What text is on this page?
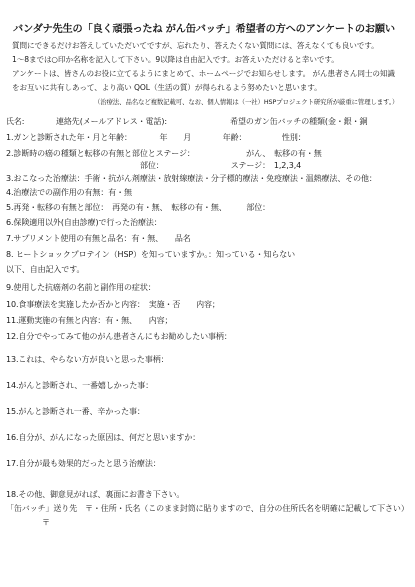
バンダナ先生の「良く頑張ったね がん缶バッチ」希望者の方へのアンケートのお願い
質問にできるだけお答えしていただいてですが、忘れたり、答えたくない質問には、答えなくても良いです。
1～8までは○印か名称を記入して下さい。9以降は自由記入です。お答えいただけると幸いです。
アンケートは、皆さんのお役に立てるようにまとめて、ホームページでお知らせします。 がん患者さん同士の知識
をお互いに共有しあって、より高い QOL（生活の質）が得られるよう努めたいと思います。
（治療法、品名など複数記載可、なお、個人情報は（一社）HSPプロジェクト研究所が厳重に管理します。）
氏名:　　　　連絡先(メールアドレス・電話):　　　　　　　　希望のガン缶バッチの種類(金・銀・銅
1.ガンと診断された年・月と年齢：　　　　年　　月　　　　年齢：　　　　　性別：
2.診断時の癌の種類と転移の有無と部位とステージ：　　　　　　　がん、　転移の有・無
部位：　　　　　　　　　ステージ：　1,2,3,4
3.おこなった治療法：手術・抗がん剤療法・放射線療法・分子標的療法・免疫療法・温熱療法、その他：
4.治療法での副作用の有無：有・無
5.再発・転移の有無と部位：　再発の有・無、　転移の有・無、　　　部位：
6.保険適用以外(自由診療)で行った治療法：
7.サプリメント使用の有無と品名：有・無、　　品名
8. ヒートショックプロテイン（HSP）を知っていますか。：知っている・知らない
以下、自由記入です。
9.使用した抗癌剤の名前と副作用の症状：
10.食事療法を実施したか否かと内容：　実施・否　　内容；
11.運動実施の有無と内容：有・無、　　内容；
12.自分でやってみて他のがん患者さんにもお勧めしたい事柄：
13.これは、やらない方が良いと思った事柄：
14.がんと診断され、一番嬉しかった事：
15.がんと診断され一番、辛かった事：
16.自分が、がんになった原因は、何だと思いますか：
17.自分が最も効果的だったと思う治療法：
18.その他、御意見がれば、裏面にお書き下さい。
「缶バッチ」送り先　〒・住所・氏名（このまま封筒に貼りますので、自分の住所氏名を明確に記載して下さい）
〒
